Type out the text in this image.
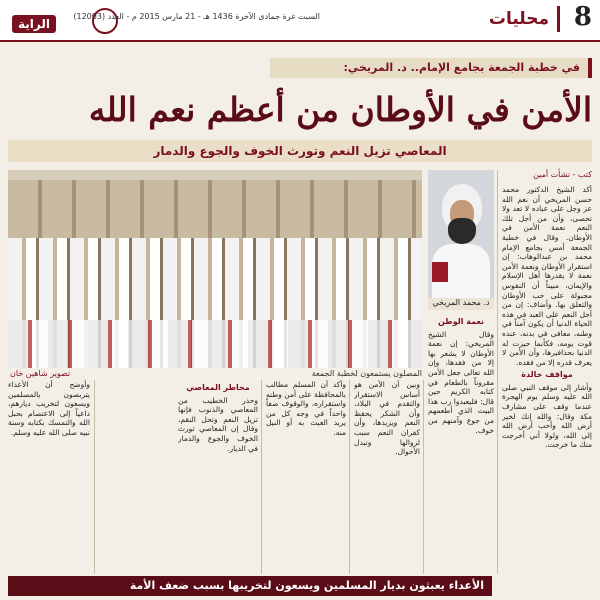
8
محليات
الراية
السبت غرة جمادى الآخرة 1436 هـ - 21 مارس 2015 م - العدد (12003)
في خطبة الجمعة بجامع الإمام.. د. المريخي:
الأمن في الأوطان من أعظم نعم الله
المعاصي تزيل النعم وتورث الخوف والجوع والدمار
المصلون يستمعون لخطبة الجمعة
تصوير شاهين خان
د. محمد المريخي
كتب - نشأت أمين
أكد الشيخ الدكتور محمد حسن المريخي أن نعم الله عز وجل على عباده لا تعد ولا تحصى، وأن من أجل تلك النعم نعمة الأمن في الأوطان. وقال في خطبة الجمعة أمس بجامع الإمام محمد بن عبدالوهاب: إن استقرار الأوطان ونعمة الأمن نعمة لا يقدرها أهل الإسلام والإيمان، مبيناً أن النفوس مجبولة على حب الأوطان والتعلق بها. وأضاف: إن من أجل النعم على العبد في هذه الحياة الدنيا أن يكون آمناً في وطنه، معافى في بدنه، عنده قوت يومه، فكأنما حيزت له الدنيا بحذافيرها، وأن الأمن لا يعرف قدره إلا من فقده.
مواقف خالدة
وأشار إلى موقف النبي صلى الله عليه وسلم يوم الهجرة عندما وقف على مشارف مكة وقال: والله إنك لخير أرض الله وأحب أرض الله إلى الله، ولولا أني أخرجت منك ما خرجت.
نعمة الوطن
وقال الشيخ المريخي: إن نعمة الأوطان لا يشعر بها إلا من فقدها، وإن الله تعالى جعل الأمن مقروناً بالطعام في كتابه الكريم حين قال: فليعبدوا رب هذا البيت الذي أطعمهم من جوع وآمنهم من خوف.
وبين أن الأمن هو أساس الاستقرار والتقدم في البلاد، وأن الشكر يحفظ النعم ويزيدها، وأن كفران النعم سبب لزوالها وتبدل الأحوال.
وأكد أن المسلم مطالب بالمحافظة على أمن وطنه واستقراره، والوقوف صفاً واحداً في وجه كل من يريد العبث به أو النيل منه.
مخاطر المعاصي
وحذر الخطيب من المعاصي والذنوب فإنها تزيل النعم وتحل النقم، وقال إن المعاصي تورث الخوف والجوع والدمار في الديار.
وأوضح أن الأعداء يتربصون بالمسلمين ويسعون لتخريب ديارهم، داعياً إلى الاعتصام بحبل الله والتمسك بكتابه وسنة نبيه صلى الله عليه وسلم.
الأعداء يعبثون بديار المسلمين ويسعون لتخريبها بسبب ضعف الأمة
